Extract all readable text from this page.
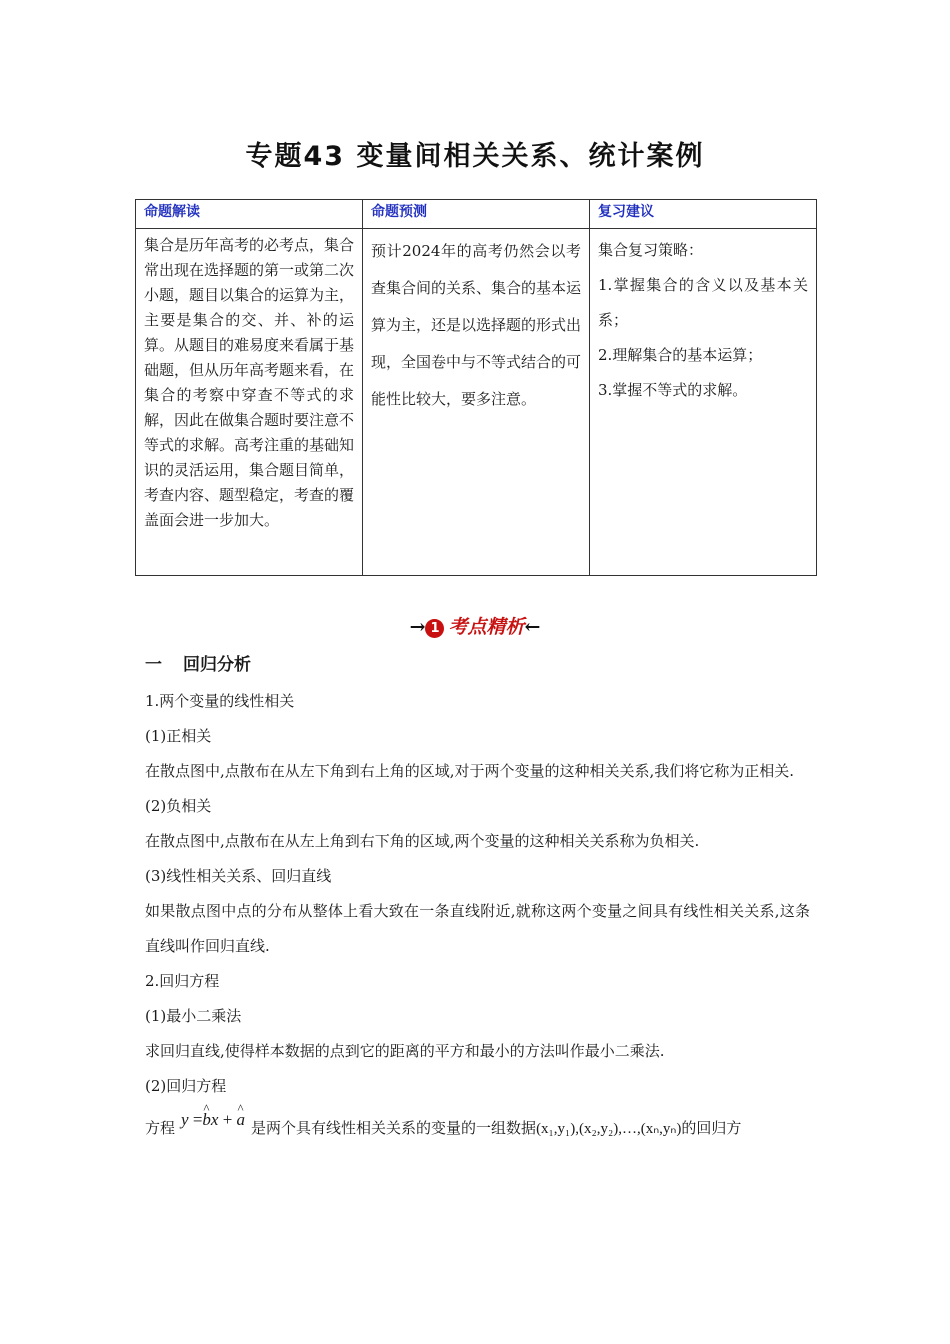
专题43 变量间相关关系、统计案例
命题解读	命题预测	复习建议
集合是历年高考的必考点，集合常出现在选择题的第一或第二次小题，题目以集合的运算为主，主要是集合的交、并、补的运算。从题目的难易度来看属于基础题，但从历年高考题来看，在集合的考察中穿查不等式的求解，因此在做集合题时要注意不等式的求解。高考注重的基础知识的灵活运用，集合题目简单，考查内容、题型稳定，考查的覆盖面会进一步加大。	预计2024年的高考仍然会以考查集合间的关系、集合的基本运算为主，还是以选择题的形式出现，全国卷中与不等式结合的可能性比较大，要多注意。	集合复习策略：

1.掌握集合的含义以及基本关系；

2.理解集合的基本运算；

3.掌握不等式的求解。

→ 1 考点精析←
一 回归分析
1.两个变量的线性相关
(1)正相关
在散点图中,点散布在从左下角到右上角的区域,对于两个变量的这种相关关系,我们将它称为正相关.
(2)负相关
在散点图中,点散布在从左上角到右下角的区域,两个变量的这种相关关系称为负相关.
(3)线性相关关系、回归直线
如果散点图中点的分布从整体上看大致在一条直线附近,就称这两个变量之间具有线性相关关系,这条直线叫作回归直线.
2.回归方程
(1)最小二乘法
求回归直线,使得样本数据的点到它的距离的平方和最小的方法叫作最小二乘法.
(2)回归方程
方程 y =^ bx + ^ a 是两个具有线性相关关系的变量的一组数据(x₁,y₁),(x₂,y₂),…,(xₙ,yₙ)的回归方
